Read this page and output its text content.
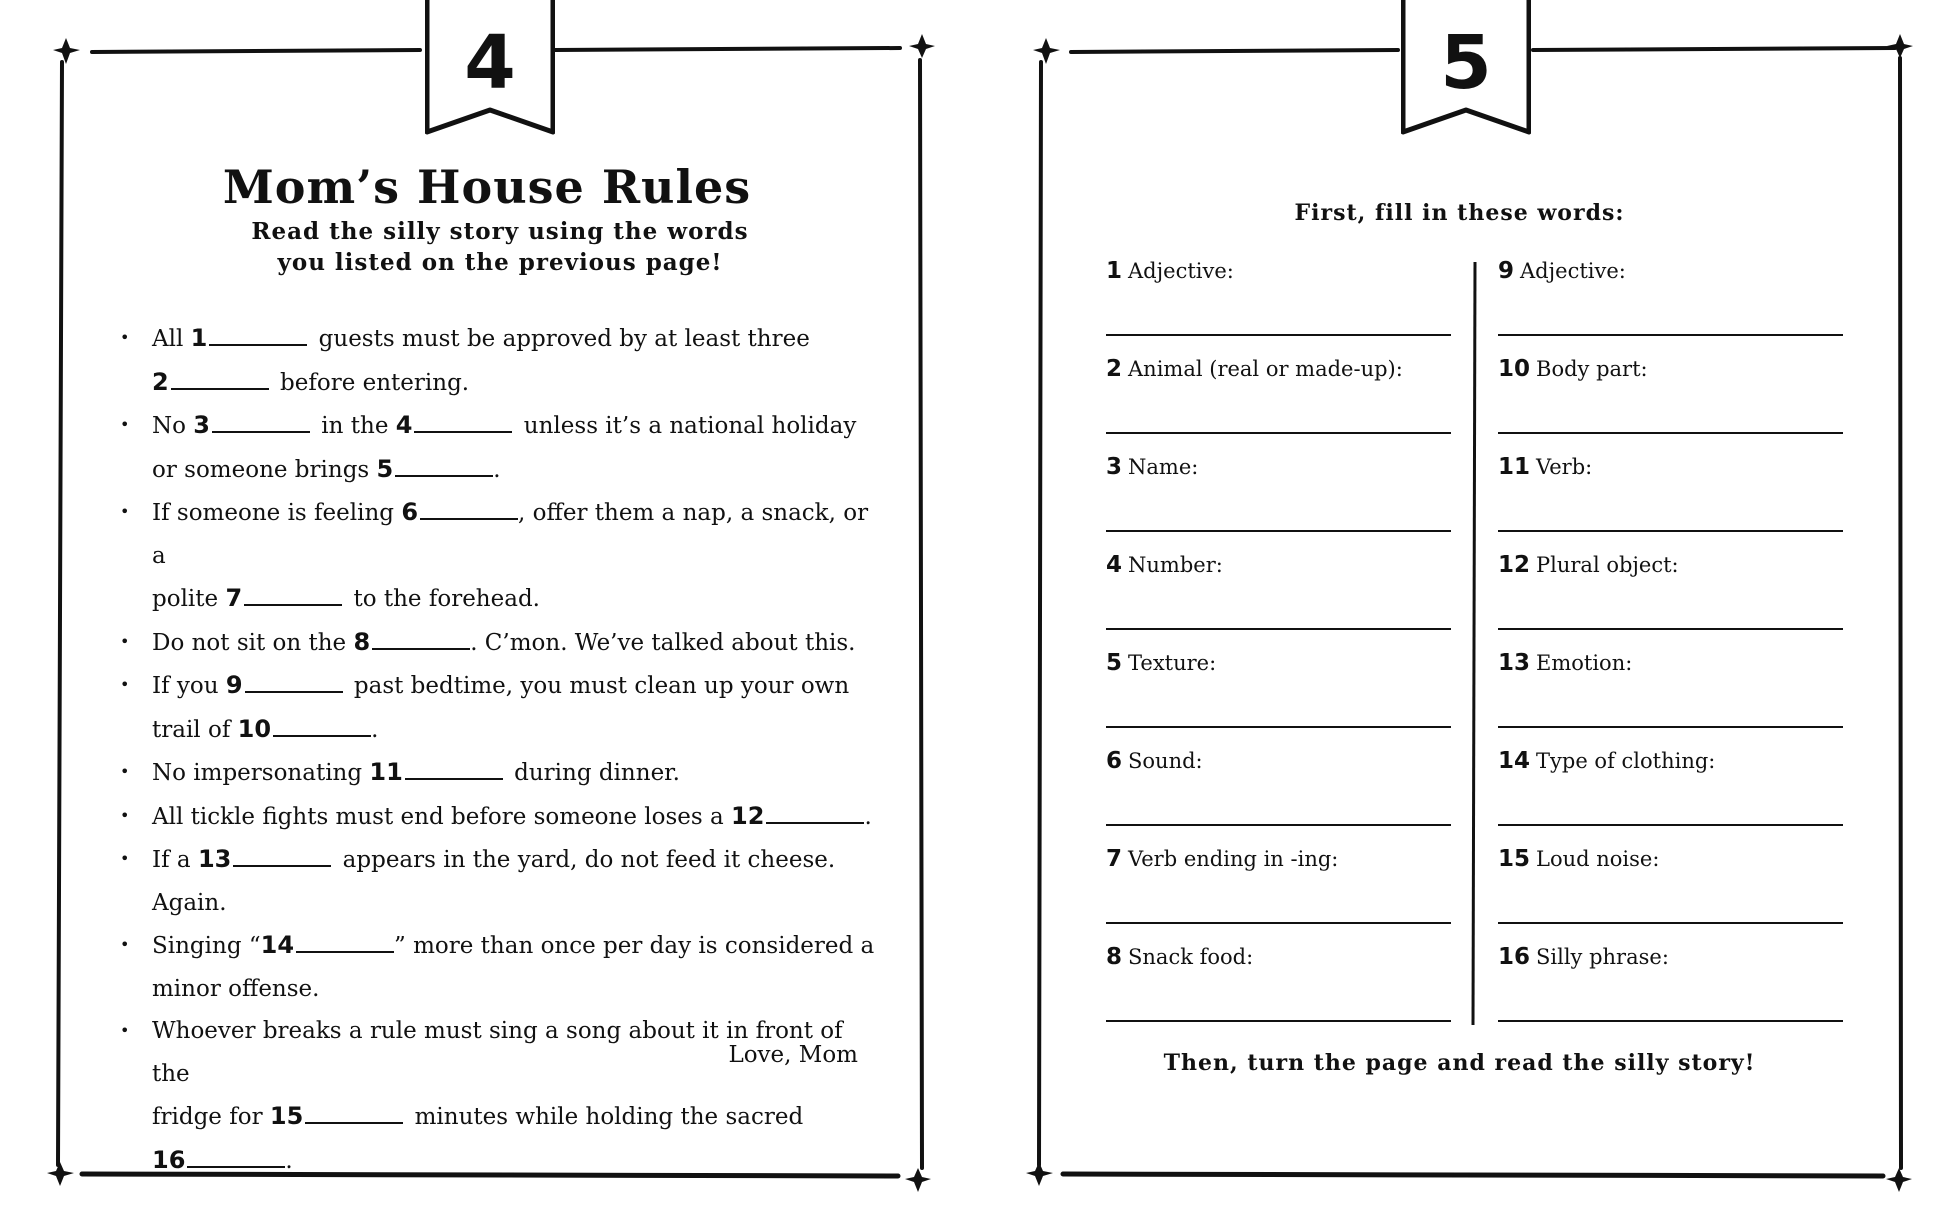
4
Mom’s House Rules
Read the silly story using the words
you listed on the previous page!
• All 1	guests must be approved by at least three
2	before entering.
• No 3	in the 4	unless it’s a national holiday
or someone brings 5	.
• If someone is feeling 6	, offer them a nap, a snack, or a
polite 7	to the forehead.
• Do not sit on the 8	. C’mon. We’ve talked about this.
• If you 9	past bedtime, you must clean up your own
trail of 10	.
• No impersonating 11	during dinner.
• All tickle fights must end before someone loses a 12	.
• If a 13	appears in the yard, do not feed it cheese. Again.
• Singing “14	” more than once per day is considered a
minor offense.
• Whoever breaks a rule must sing a song about it in front of the
fridge for 15	minutes while holding the sacred
16	.
Love, Mom
5
First, fill in these words:
1 Adjective:
2 Animal (real or made-up):
3 Name:
4 Number:
5 Texture:
6 Sound:
7 Verb ending in -ing:
8 Snack food:
9 Adjective:
10 Body part:
11 Verb:
12 Plural object:
13 Emotion:
14 Type of clothing:
15 Loud noise:
16 Silly phrase:
Then, turn the page and read the silly story!
